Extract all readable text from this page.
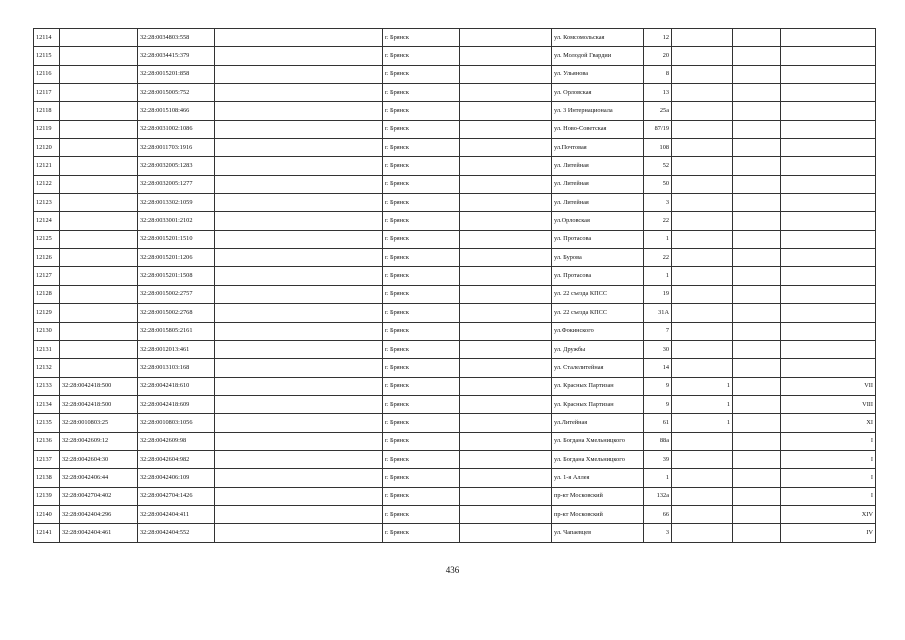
12114		32:28:0034803:558		г. Брянск		ул. Комсомольская	12			
12115		32:28:0034415:379		г. Брянск		ул. Молодой Гвардии	20			
12116		32:28:0015201:858		г. Брянск		ул. Ульянова	8			
12117		32:28:0015005:752		г. Брянск		ул. Орловская	13			
12118		32:28:0015108:466		г. Брянск		ул. 3 Интернационала	25а			
12119		32:28:0031002:1086		г. Брянск		ул. Ново-Советская	87/19			
12120		32:28:0011703:1916		г. Брянск		ул.Почтовая	108			
12121		32:28:0032005:1283		г. Брянск		ул. Литейная	52			
12122		32:28:0032005:1277		г. Брянск		ул. Литейная	50			
12123		32:28:0013302:1059		г. Брянск		ул. Литейная	3			
12124		32:28:0033001:2102		г. Брянск		ул.Орловская	22			
12125		32:28:0015201:1510		г. Брянск		ул. Протасова	1			
12126		32:28:0015201:1206		г. Брянск		ул. Бурова	22			
12127		32:28:0015201:1508		г. Брянск		ул. Протасова	1			
12128		32:28:0015002:2757		г. Брянск		ул. 22 съезда КПСС	19			
12129		32:28:0015002:2768		г. Брянск		ул. 22 съезда КПСС	31А			
12130		32:28:0015805:2161		г. Брянск		ул.Фокинского	7			
12131		32:28:0012013:461		г. Брянск		ул. Дружбы	30			
12132		32:28:0013103:168		г. Брянск		ул. Сталелитейная	14			
12133	32:28:0042418:500	32:28:0042418:610		г. Брянск		ул. Красных Партизан	9	1		VII
12134	32:28:0042418:500	32:28:0042418:609		г. Брянск		ул. Красных Партизан	9	1		VIII
12135	32:28:0010803:25	32:28:0010803:1056		г. Брянск		ул.Литейная	61	1		XI
12136	32:28:0042609:12	32:28:0042609:98		г. Брянск		ул. Богдана Хмельницкого	88а			I
12137	32:28:0042604:30	32:28:0042604:982		г. Брянск		ул. Богдана Хмельницкого	39			I
12138	32:28:0042406:44	32:28:0042406:109		г. Брянск		ул. 1-я Аллея	1			I
12139	32:28:0042704:402	32:28:0042704:1426		г. Брянск		пр-кт Московский	132а			I
12140	32:28:0042404:296	32:28:0042404:411		г. Брянск		пр-кт Московский	66			XIV
12141	32:28:0042404:461	32:28:0042404:552		г. Брянск		ул. Чапаевцев	3			IV
436
